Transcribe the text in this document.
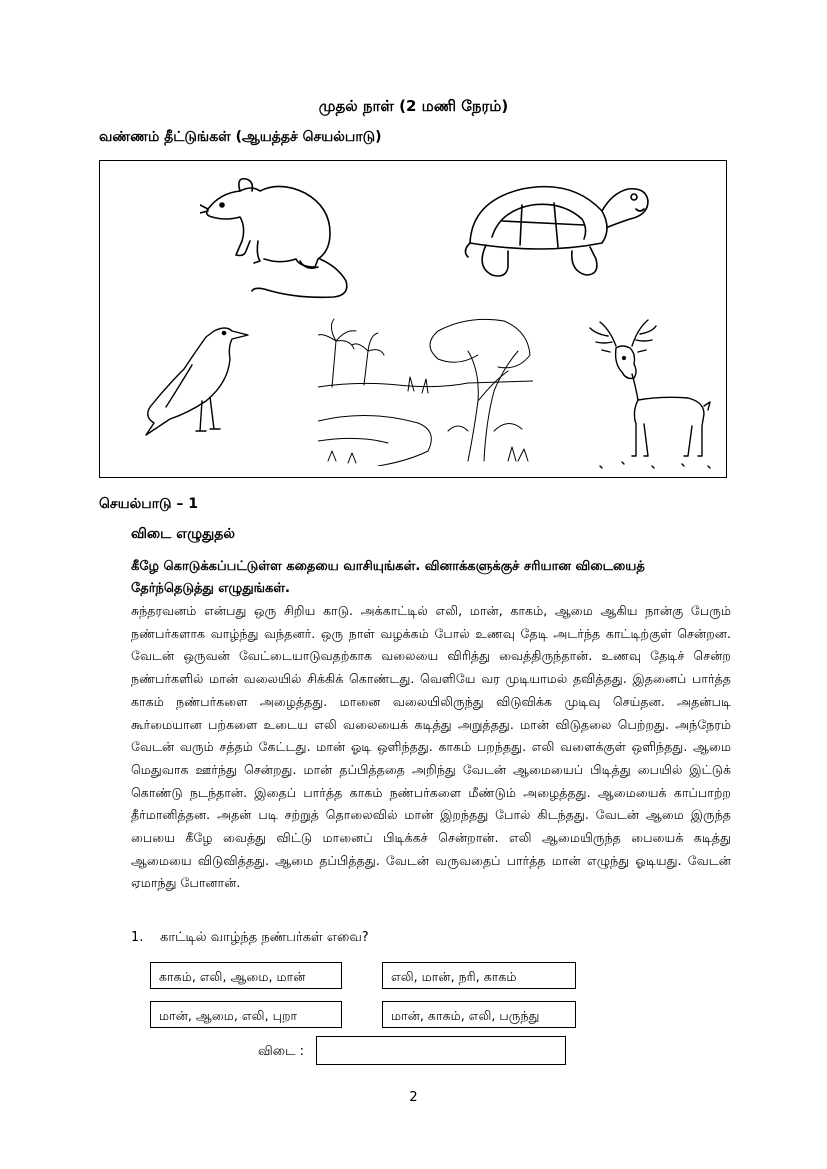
முதல் நாள் (2 மணி நேரம்)
வண்ணம் தீட்டுங்கள் (ஆயத்தச் செயல்பாடு)
செயல்பாடு – 1
விடை எழுதுதல்
கீழே கொடுக்கப்பட்டுள்ள கதையை வாசியுங்கள். வினாக்களுக்குச் சரியான விடையைத் தேர்ந்தெடுத்து எழுதுங்கள்.
சுந்தரவனம் என்பது ஒரு சிறிய காடு. அக்காட்டில் எலி, மான், காகம், ஆமை ஆகிய நான்கு பேரும் நண்பர்களாக வாழ்ந்து வந்தனர். ஒரு நாள் வழக்கம் போல் உணவு தேடி அடர்ந்த காட்டிற்குள் சென்றன. வேடன் ஒருவன் வேட்டையாடுவதற்காக வலையை விரித்து வைத்திருந்தான். உணவு தேடிச் சென்ற நண்பர்களில் மான் வலையில் சிக்கிக் கொண்டது. வெளியே வர முடியாமல் தவித்தது. இதனைப் பார்த்த காகம் நண்பர்களை அழைத்தது. மானை வலையிலிருந்து விடுவிக்க முடிவு செய்தன. அதன்படி கூர்மையான பற்களை உடைய எலி வலையைக் கடித்து அறுத்தது. மான் விடுதலை பெற்றது. அந்நேரம் வேடன் வரும் சத்தம் கேட்டது. மான் ஓடி ஒளிந்தது. காகம் பறந்தது. எலி வளைக்குள் ஒளிந்தது. ஆமை மெதுவாக ஊர்ந்து சென்றது. மான் தப்பித்ததை அறிந்து வேடன் ஆமையைப் பிடித்து பையில் இட்டுக் கொண்டு நடந்தான். இதைப் பார்த்த காகம் நண்பர்களை மீண்டும் அழைத்தது. ஆமையைக் காப்பாற்ற தீர்மானித்தன. அதன் படி சற்றுத் தொலைவில் மான் இறந்தது போல் கிடந்தது. வேடன் ஆமை இருந்த பையை கீழே வைத்து விட்டு மானைப் பிடிக்கச் சென்றான். எலி ஆமையிருந்த பையைக் கடித்து ஆமையை விடுவித்தது. ஆமை தப்பித்தது. வேடன் வருவதைப் பார்த்த மான் எழுந்து ஓடியது. வேடன் ஏமாந்து போனான்.
1. காட்டில் வாழ்ந்த நண்பர்கள் எவை?
காகம், எலி, ஆமை, மான்	எலி, மான், நரி, காகம்
மான், ஆமை, எலி, புறா	மான், காகம், எலி, பருந்து
விடை :
2
